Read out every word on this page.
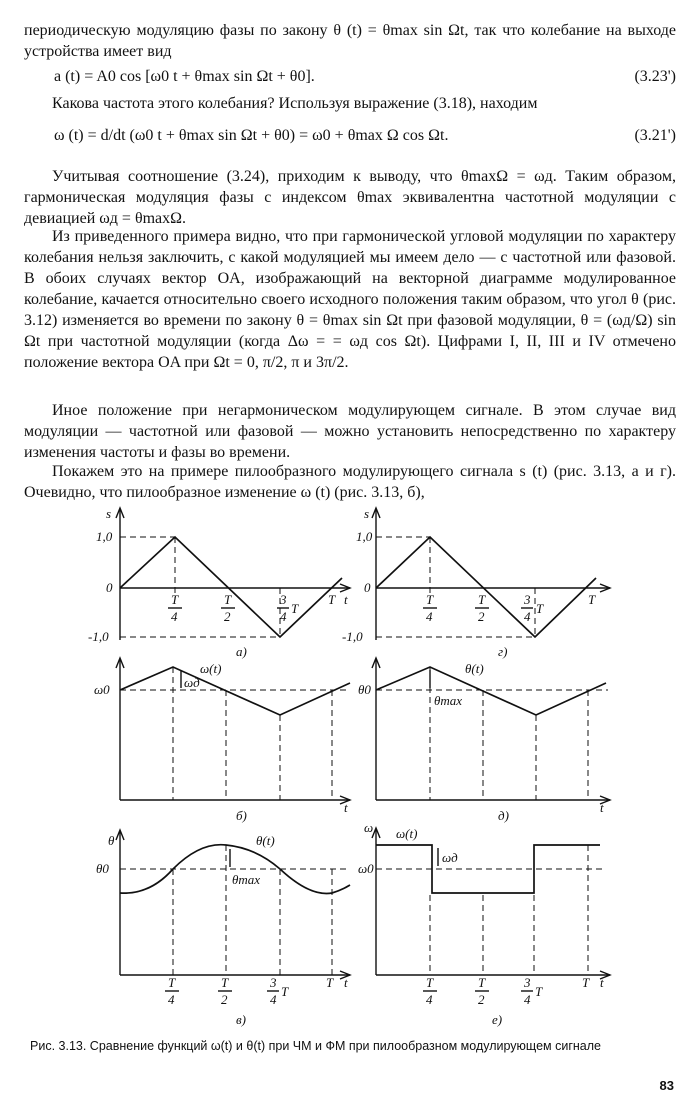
периодическую модуляцию фазы по закону θ (t) = θmax sin Ωt, так что колебание на выходе устройства имеет вид

a (t) = A0 cos [ω0 t + θmax sin Ωt + θ0].	(3.23')

Какова частота этого колебания? Используя выражение (3.18), находим

ω (t) = d/dt (ω0 t + θmax sin Ωt + θ0) = ω0 + θmax Ω cos Ωt.	(3.21')

Учитывая соотношение (3.24), приходим к выводу, что θmaxΩ = ωд. Таким образом, гармоническая модуляция фазы с индексом θmax эквивалентна частотной модуляции с девиацией ωд = θmaxΩ.

Из приведенного примера видно, что при гармонической угловой модуляции по характеру колебания нельзя заключить, с какой модуляцией мы имеем дело — с частотной или фазовой. В обоих случаях вектор OA, изображающий на векторной диаграмме модулированное колебание, качается относительно своего исходного положения таким образом, что угол θ (рис. 3.12) изменяется во времени по закону θ = θmax sin Ωt при фазовой модуляции, θ = (ωд/Ω) sin Ωt при частотной модуляции (когда Δω = = ωд cos Ωt). Цифрами I, II, III и IV отмечено положение вектора OA при Ωt = 0, π/2, π и 3π/2.

Иное положение при негармоническом модулирующем сигнале. В этом случае вид модуляции — частотной или фазовой — можно установить непосредственно по характеру изменения частоты и фазы во времени.

Покажем это на примере пилообразного модулирующего сигнала s (t) (рис. 3.13, а и г). Очевидно, что пилообразное изменение ω (t) (рис. 3.13, б),

s
1,0
0
-1,0
T
4
T
2
3
4
T
T t
а)
s
1,0
0
-1,0
T
4
T
2
3
4
T
T
г)
ω0
ω(t)
ωд
t
б)
θ0
θ(t)
θmax
t
д)
θ
θ0
θ(t)
θmax
T
4
T
2
3
4
T
T t
в)
ω
ω0
ω(t)
ωд
T
4
T
2
3
4
T
T t
е)
Рис. 3.13. Сравнение функций ω(t) и θ(t) при ЧМ и ФМ при пилообразном модулирующем сигнале
83
